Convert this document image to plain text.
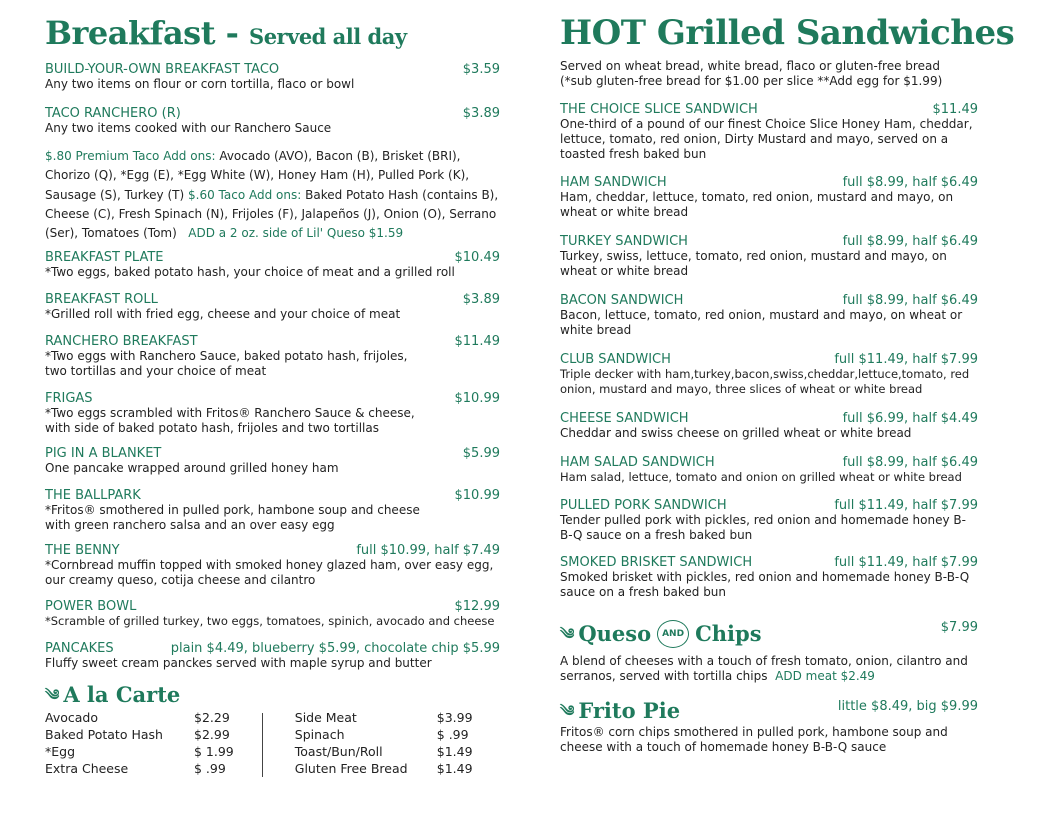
Breakfast - Served all day
BUILD-YOUR-OWN BREAKFAST TACO	$3.59
Any two items on flour or corn tortilla, flaco or bowl
TACO RANCHERO (R)	$3.89
Any two items cooked with our Ranchero Sauce
$.80 Premium Taco Add ons: Avocado (AVO), Bacon (B), Brisket (BRI), Chorizo (Q), *Egg (E), *Egg White (W), Honey Ham (H), Pulled Pork (K), Sausage (S), Turkey (T) $.60 Taco Add ons: Baked Potato Hash (contains B), Cheese (C), Fresh Spinach (N), Frijoles (F), Jalapeños (J), Onion (O), Serrano (Ser), Tomatoes (Tom) ADD a 2 oz. side of Lil' Queso $1.59
BREAKFAST PLATE	$10.49
*Two eggs, baked potato hash, your choice of meat and a grilled roll
BREAKFAST ROLL	$3.89
*Grilled roll with fried egg, cheese and your choice of meat
RANCHERO BREAKFAST	$11.49
*Two eggs with Ranchero Sauce, baked potato hash, frijoles, two tortillas and your choice of meat
FRIGAS	$10.99
*Two eggs scrambled with Fritos® Ranchero Sauce & cheese, with side of baked potato hash, frijoles and two tortillas
PIG IN A BLANKET	$5.99
One pancake wrapped around grilled honey ham
THE BALLPARK	$10.99
*Fritos® smothered in pulled pork, hambone soup and cheese with green ranchero salsa and an over easy egg
THE BENNY	full $10.99, half $7.49
*Cornbread muffin topped with smoked honey glazed ham, over easy egg, our creamy queso, cotija cheese and cilantro
POWER BOWL	$12.99
*Scramble of grilled turkey, two eggs, tomatoes, spinich, avocado and cheese
PANCAKES	plain $4.49, blueberry $5.99, chocolate chip $5.99
Fluffy sweet cream panckes served with maple syrup and butter
༄ A la Carte
Avocado	$2.29
Baked Potato Hash	$2.99
*Egg	$ 1.99
Extra Cheese	$ .99
Side Meat	$3.99
Spinach	$ .99
Toast/Bun/Roll	$1.49
Gluten Free Bread	$1.49
HOT Grilled Sandwiches
Served on wheat bread, white bread, flaco or gluten-free bread
(*sub gluten-free bread for $1.00 per slice **Add egg for $1.99)
THE CHOICE SLICE SANDWICH	$11.49
One-third of a pound of our finest Choice Slice Honey Ham, cheddar, lettuce, tomato, red onion, Dirty Mustard and mayo, served on a toasted fresh baked bun
HAM SANDWICH	full $8.99, half $6.49
Ham, cheddar, lettuce, tomato, red onion, mustard and mayo, on wheat or white bread
TURKEY SANDWICH	full $8.99, half $6.49
Turkey, swiss, lettuce, tomato, red onion, mustard and mayo, on wheat or white bread
BACON SANDWICH	full $8.99, half $6.49
Bacon, lettuce, tomato, red onion, mustard and mayo, on wheat or white bread
CLUB SANDWICH	full $11.49, half $7.99
Triple decker with ham,turkey,bacon,swiss,cheddar,lettuce,tomato, red onion, mustard and mayo, three slices of wheat or white bread
CHEESE SANDWICH	full $6.99, half $4.49
Cheddar and swiss cheese on grilled wheat or white bread
HAM SALAD SANDWICH	full $8.99, half $6.49
Ham salad, lettuce, tomato and onion on grilled wheat or white bread
PULLED PORK SANDWICH	full $11.49, half $7.99
Tender pulled pork with pickles, red onion and homemade honey B-B-Q sauce on a fresh baked bun
SMOKED BRISKET SANDWICH	full $11.49, half $7.99
Smoked brisket with pickles, red onion and homemade honey B-B-Q sauce on a fresh baked bun
༄ Queso	AND Chips	$7.99
A blend of cheeses with a touch of fresh tomato, onion, cilantro and serranos, served with tortilla chips ADD meat $2.49
༄ Frito Pie	little $8.49, big $9.99
Fritos® corn chips smothered in pulled pork, hambone soup and cheese with a touch of homemade honey B-B-Q sauce
